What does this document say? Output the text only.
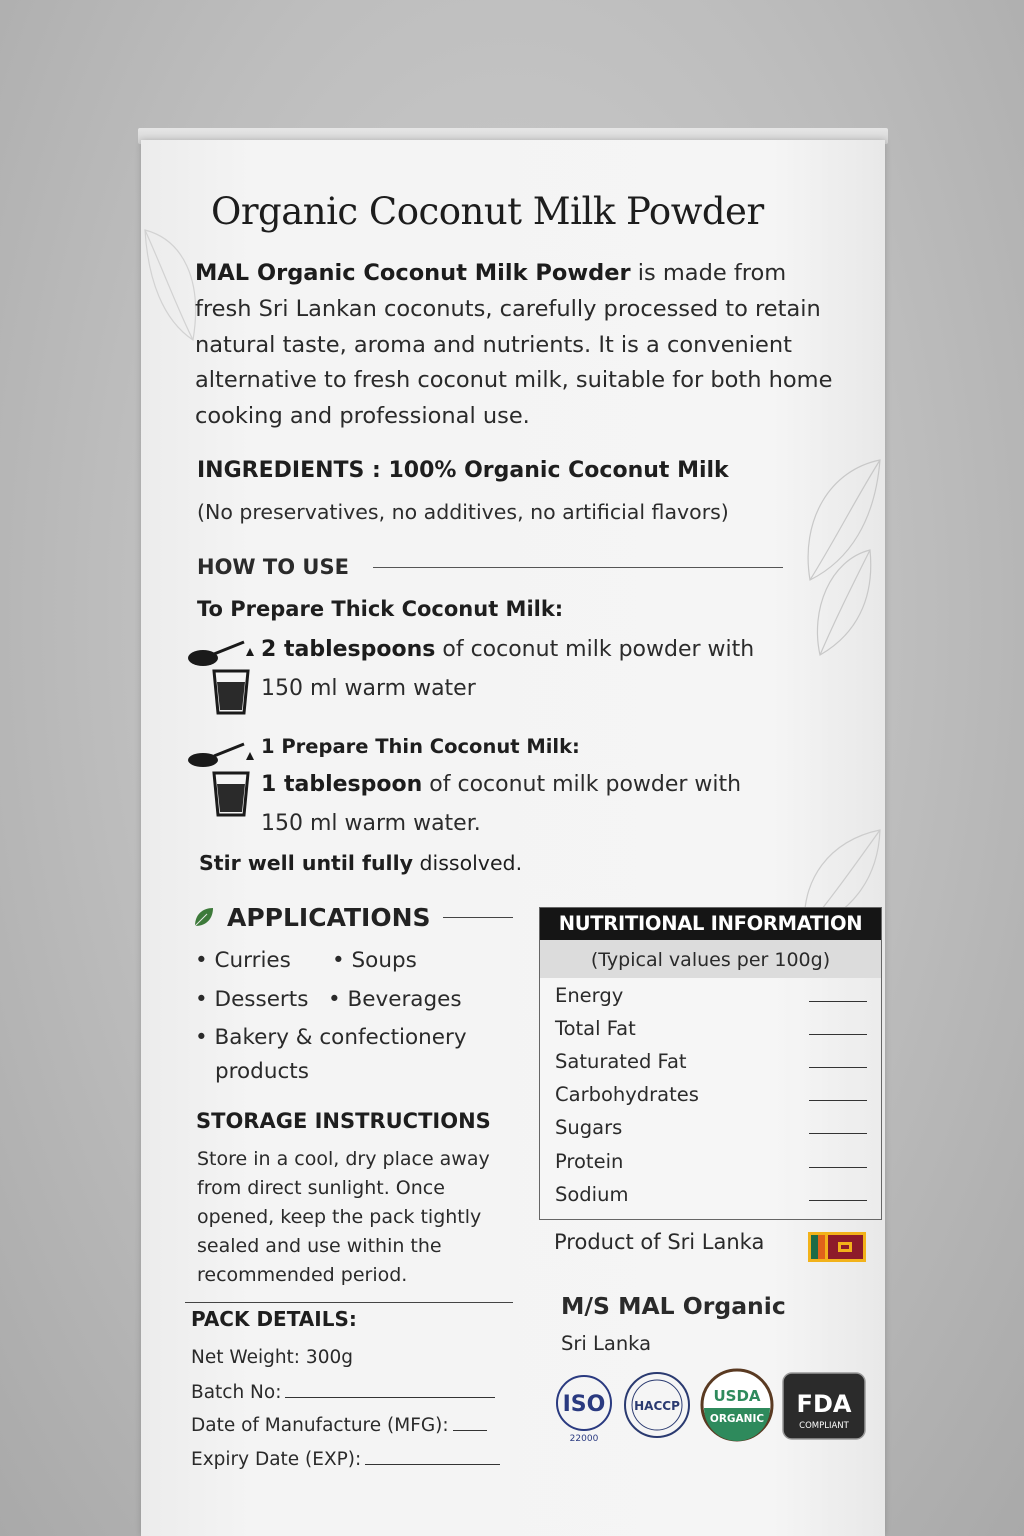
Organic Coconut Milk Powder
MAL Organic Coconut Milk Powder is made from fresh Sri Lankan coconuts, carefully processed to retain natural taste, aroma and nutrients. It is a convenient alternative to fresh coconut milk, suitable for both home cooking and professional use.
INGREDIENTS : 100% Organic Coconut Milk
(No preservatives, no additives, no artificial flavors)
HOW TO USE
To Prepare Thick Coconut Milk:
2 tablespoons of coconut milk powder with
150 ml warm water
1 Prepare Thin Coconut Milk:
1 tablespoon of coconut milk powder with
150 ml warm water.
Stir well until fully dissolved.
APPLICATIONS
• Curries • Soups
• Desserts • Beverages
• Bakery & confectionery
products
STORAGE INSTRUCTIONS
Store in a cool, dry place away from direct sunlight. Once opened, keep the pack tightly sealed and use within the recommended period.
PACK DETAILS:
Net Weight: 300g
Batch No:
Date of Manufacture (MFG):
Expiry Date (EXP):
NUTRITIONAL INFORMATION
(Typical values per 100g)
Energy
Total Fat
Saturated Fat
Carbohydrates
Sugars
Protein
Sodium
Product of Sri Lanka
M/S MAL Organic
Sri Lanka
ISO
22000
HACCP
USDA
ORGANIC
FDA
COMPLIANT
